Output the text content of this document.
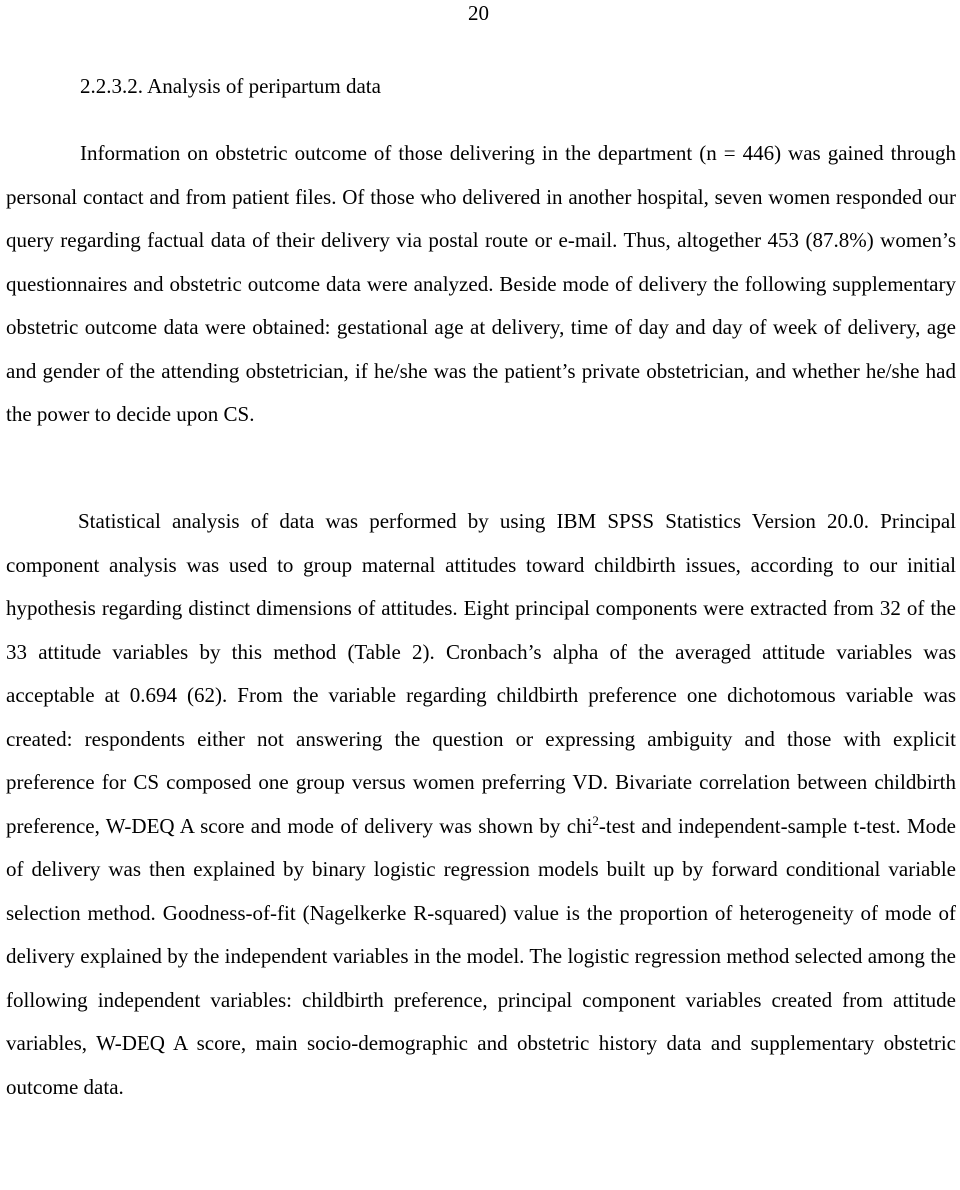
20
2.2.3.2. Analysis of peripartum data

Information on obstetric outcome of those delivering in the department (n = 446) was gained through personal contact and from patient files. Of those who delivered in another hospital, seven women responded our query regarding factual data of their delivery via postal route or e-mail. Thus, altogether 453 (87.8%) women’s questionnaires and obstetric outcome data were analyzed. Beside mode of delivery the following supplementary obstetric outcome data were obtained: gestational age at delivery, time of day and day of week of delivery, age and gender of the attending obstetrician, if he/she was the patient’s private obstetrician, and whether he/she had the power to decide upon CS.

Statistical analysis of data was performed by using IBM SPSS Statistics Version 20.0. Principal component analysis was used to group maternal attitudes toward childbirth issues, according to our initial hypothesis regarding distinct dimensions of attitudes. Eight principal components were extracted from 32 of the 33 attitude variables by this method (Table 2). Cronbach’s alpha of the averaged attitude variables was acceptable at 0.694 (62). From the variable regarding childbirth preference one dichotomous variable was created: respondents either not answering the question or expressing ambiguity and those with explicit preference for CS composed one group versus women preferring VD. Bivariate correlation between childbirth preference, W-DEQ A score and mode of delivery was shown by chi$^2$-test and independent-sample t-test. Mode of delivery was then explained by binary logistic regression models built up by forward conditional variable selection method. Goodness-of-fit (Nagelkerke R-squared) value is the proportion of heterogeneity of mode of delivery explained by the independent variables in the model. The logistic regression method selected among the following independent variables: childbirth preference, principal component variables created from attitude variables, W-DEQ A score, main socio-demographic and obstetric history data and supplementary obstetric outcome data.
